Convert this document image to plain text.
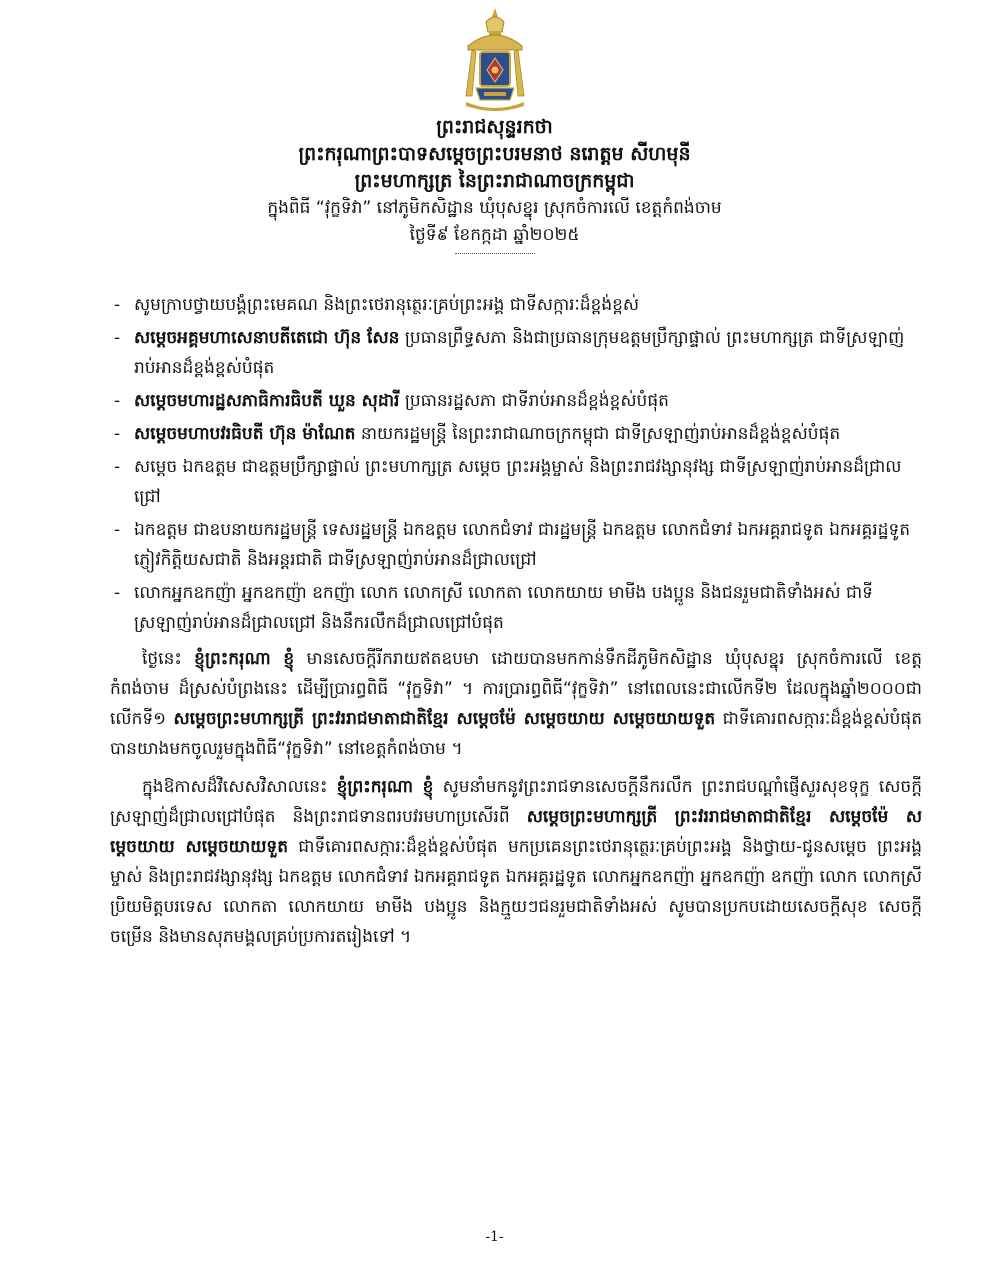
ព្រះរាជសុន្ទរកថា
ព្រះករុណាព្រះបាទសម្តេចព្រះបរមនាថ នរោត្តម សីហមុនី
ព្រះមហាក្សត្រ នៃព្រះរាជាណាចក្រកម្ពុជា
ក្នុងពិធី “វុក្ខទិវា” នៅភូមិកសិដ្ឋាន ឃុំបុសខ្នុរ ស្រុកចំការលើ ខេត្តកំពង់ចាម
ថ្ងៃទី៩ ខែកក្កដា ឆ្នាំ២០២៥
- សូមក្រាបថ្វាយបង្គំព្រះមេគណ និងព្រះថេរានុត្ថេរៈគ្រប់ព្រះអង្គ ជាទីសក្ការៈដ៏ខ្ពង់ខ្ពស់
- សម្តេចអគ្គមហាសេនាបតីតេជោ ហ៊ុន សែន ប្រធានព្រឹទ្ធសភា និងជាប្រធានក្រុមឧត្តមប្រឹក្សាផ្ទាល់ ព្រះមហាក្សត្រ ជាទីស្រឡាញ់រាប់អានដ៏ខ្ពង់ខ្ពស់បំផុត
- សម្តេចមហារដ្ឋសភាធិការធិបតី ឃួន សុដារី ប្រធានរដ្ឋសភា ជាទីរាប់អានដ៏ខ្ពង់ខ្ពស់បំផុត
- សម្តេចមហាបវរធិបតី ហ៊ុន ម៉ាណែត នាយករដ្ឋមន្ត្រី នៃព្រះរាជាណាចក្រកម្ពុជា ជាទីស្រឡាញ់រាប់អានដ៏ខ្ពង់ខ្ពស់បំផុត
- សម្តេច ឯកឧត្តម ជាឧត្តមប្រឹក្សាផ្ទាល់ ព្រះមហាក្សត្រ សម្តេច ព្រះអង្គម្ចាស់ និងព្រះរាជវង្សានុវង្ស ជាទីស្រឡាញ់រាប់អានដ៏ជ្រាលជ្រៅ
- ឯកឧត្តម ជាឧបនាយករដ្ឋមន្ត្រី ទេសរដ្ឋមន្ត្រី ឯកឧត្តម លោកជំទាវ ជារដ្ឋមន្ត្រី ឯកឧត្តម លោកជំទាវ ឯកអគ្គរាជទូត ឯកអគ្គរដ្ឋទូត ភ្ញៀវកិត្តិយសជាតិ និងអន្តរជាតិ ជាទីស្រឡាញ់រាប់អានដ៏ជ្រាលជ្រៅ
- លោកអ្នកឧកញ៉ា អ្នកឧកញ៉ា ឧកញ៉ា លោក លោកស្រី លោកតា លោកយាយ មាមីង បងប្អូន និងជនរួមជាតិទាំងអស់ ជាទីស្រឡាញ់រាប់អានដ៏ជ្រាលជ្រៅ និងនឹករលឹកដ៏ជ្រាលជ្រៅបំផុត

ថ្ងៃនេះ ខ្ញុំព្រះករុណា ខ្ញុំ មានសេចក្តីរីករាយឥតឧបមា ដោយបានមកកាន់ទឹកដីភូមិកសិដ្ឋាន ឃុំបុសខ្នុរ ស្រុកចំការលើ ខេត្តកំពង់ចាម ដ៏ស្រស់បំព្រងនេះ ដើម្បីប្រារព្ធពិធី “វុក្ខទិវា” ។ ការប្រារព្ធពិធី“វុក្ខទិវា” នៅពេលនេះជាលើកទី២ ដែលក្នុងឆ្នាំ២០០០ជាលើកទី១ សម្តេចព្រះមហាក្សត្រី ព្រះវររាជមាតាជាតិខ្មែរ សម្តេចម៉ែ សម្តេចយាយ សម្តេចយាយទួត ជាទីគោរពសក្ការៈដ៏ខ្ពង់ខ្ពស់បំផុត បានយាងមកចូលរួមក្នុងពិធី“វុក្ខទិវា” នៅខេត្តកំពង់ចាម ។

ក្នុងឱកាសដ៏វិសេសវិសាលនេះ ខ្ញុំព្រះករុណា ខ្ញុំ សូមនាំមកនូវព្រះរាជទានសេចក្តីនឹករលឹក ព្រះរាជបណ្ដាំផ្ញើសួរសុខទុក្ខ សេចក្តីស្រឡាញ់ដ៏ជ្រាលជ្រៅបំផុត និងព្រះរាជទានពរបវរមហាប្រសើរពី សម្តេចព្រះមហាក្សត្រី ព្រះវររាជមាតាជាតិខ្មែរ សម្តេចម៉ែ សម្តេចយាយ សម្តេចយាយទួត ជាទីគោរពសក្ការៈដ៏ខ្ពង់ខ្ពស់បំផុត មកប្រគេនព្រះថេរានុត្ថេរៈគ្រប់ព្រះអង្គ និងថ្វាយ-ជូនសម្តេច ព្រះអង្គម្ចាស់ និងព្រះរាជវង្សានុវង្ស ឯកឧត្តម លោកជំទាវ ឯកអគ្គរាជទូត ឯកអគ្គរដ្ឋទូត លោកអ្នកឧកញ៉ា អ្នកឧកញ៉ា ឧកញ៉ា លោក លោកស្រី ប្រិយមិត្តបរទេស លោកតា លោកយាយ មាមីង បងប្អូន និងក្មួយៗជនរួមជាតិទាំងអស់ សូមបានប្រកបដោយសេចក្តីសុខ សេចក្តីចម្រើន និងមានសុភមង្គលគ្រប់ប្រការតរៀងទៅ ។

-1-
